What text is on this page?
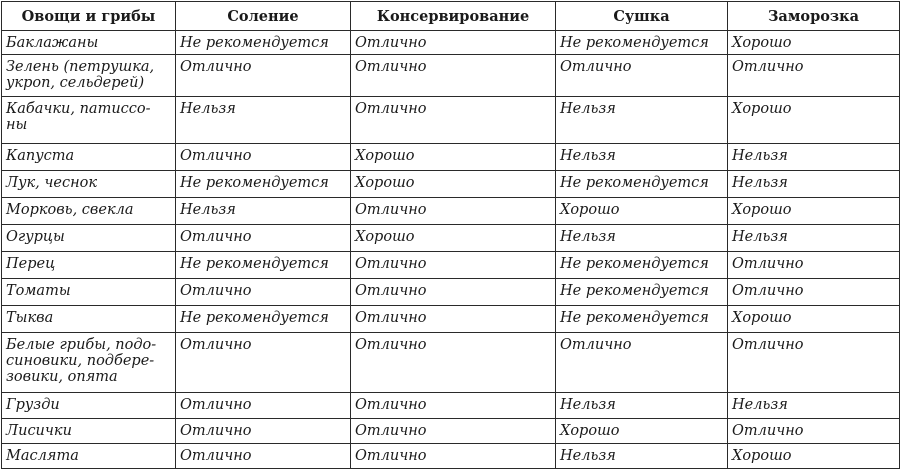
Овощи и грибы	Соление	Консервирование	Сушка	Заморозка
Баклажаны	Не рекомендуется	Отлично	Не рекомендуется	Хорошо
Зелень (петрушка,
укроп, сельдерей)	Отлично	Отлично	Отлично	Отлично
Кабачки, патиссо-
ны	Нельзя	Отлично	Нельзя	Хорошо
Капуста	Отлично	Хорошо	Нельзя	Нельзя
Лук, чеснок	Не рекомендуется	Хорошо	Не рекомендуется	Нельзя
Морковь, свекла	Нельзя	Отлично	Хорошо	Хорошо
Огурцы	Отлично	Хорошо	Нельзя	Нельзя
Перец	Не рекомендуется	Отлично	Не рекомендуется	Отлично
Томаты	Отлично	Отлично	Не рекомендуется	Отлично
Тыква	Не рекомендуется	Отлично	Не рекомендуется	Хорошо
Белые грибы, подо-
синовики, подбере-
зовики, опята	Отлично	Отлично	Отлично	Отлично
Грузди	Отлично	Отлично	Нельзя	Нельзя
Лисички	Отлично	Отлично	Хорошо	Отлично
Маслята	Отлично	Отлично	Нельзя	Хорошо
